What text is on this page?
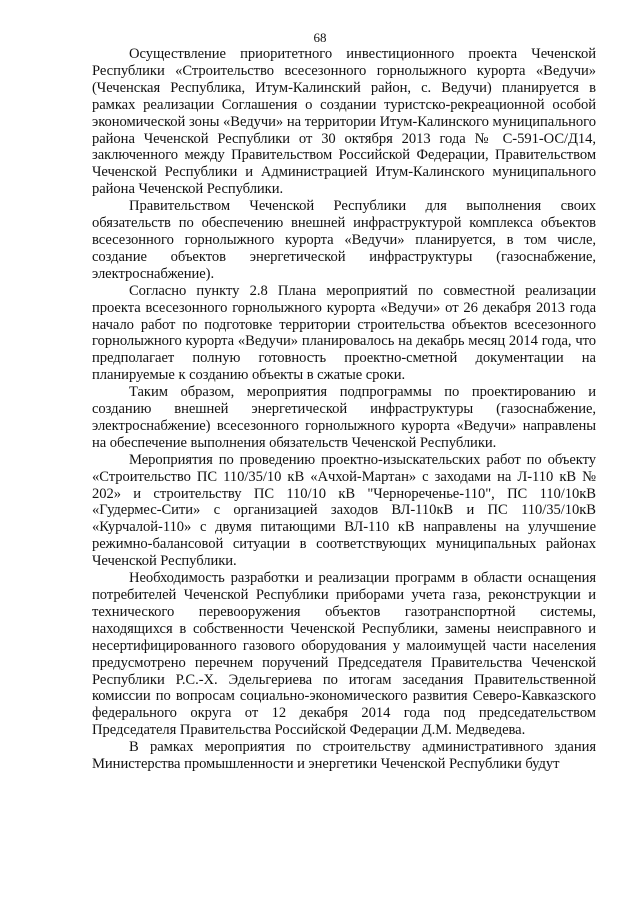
68

Осуществление приоритетного инвестиционного проекта Чеченской Республики «Строительство всесезонного горнолыжного курорта «Ведучи» (Чеченская Республика, Итум-Калинский район, с. Ведучи) планируется в рамках реализации Соглашения о создании туристско-рекреационной особой экономической зоны «Ведучи» на территории Итум-Калинского муниципального района Чеченской Республики от 30 октября 2013 года № С-591-ОС/Д14, заключенного между Правительством Российской Федерации, Правительством Чеченской Республики и Администрацией Итум-Калинского муниципального района Чеченской Республики.

Правительством Чеченской Республики для выполнения своих обязательств по обеспечению внешней инфраструктурой комплекса объектов всесезонного горнолыжного курорта «Ведучи» планируется, в том числе, создание объектов энергетической инфраструктуры (газоснабжение, электроснабжение).

Согласно пункту 2.8 Плана мероприятий по совместной реализации проекта всесезонного горнолыжного курорта «Ведучи» от 26 декабря 2013 года начало работ по подготовке территории строительства объектов всесезонного горнолыжного курорта «Ведучи» планировалось на декабрь месяц 2014 года, что предполагает полную готовность проектно-сметной документации на планируемые к созданию объекты в сжатые сроки.

Таким образом, мероприятия подпрограммы по проектированию и созданию внешней энергетической инфраструктуры (газоснабжение, электроснабжение) всесезонного горнолыжного курорта «Ведучи» направлены на обеспечение выполнения обязательств Чеченской Республики.

Мероприятия по проведению проектно-изыскательских работ по объекту «Строительство ПС 110/35/10 кВ «Ачхой-Мартан» с заходами на Л-110 кВ № 202» и строительству ПС 110/10 кВ "Чернореченье-110", ПС 110/10кВ «Гудермес-Сити» с организацией заходов ВЛ-110кВ и ПС 110/35/10кВ «Курчалой-110» с двумя питающими ВЛ-110 кВ направлены на улучшение режимно-балансовой ситуации в соответствующих муниципальных районах Чеченской Республики.

Необходимость разработки и реализации программ в области оснащения потребителей Чеченской Республики приборами учета газа, реконструкции и технического перевооружения объектов газотранспортной системы, находящихся в собственности Чеченской Республики, замены неисправного и несертифицированного газового оборудования у малоимущей части населения предусмотрено перечнем поручений Председателя Правительства Чеченской Республики Р.С.-Х. Эдельгериева по итогам заседания Правительственной комиссии по вопросам социально-экономического развития Северо-Кавказского федерального округа от 12 декабря 2014 года под председательством Председателя Правительства Российской Федерации Д.М. Медведева.

В рамках мероприятия по строительству административного здания Министерства промышленности и энергетики Чеченской Республики будут
